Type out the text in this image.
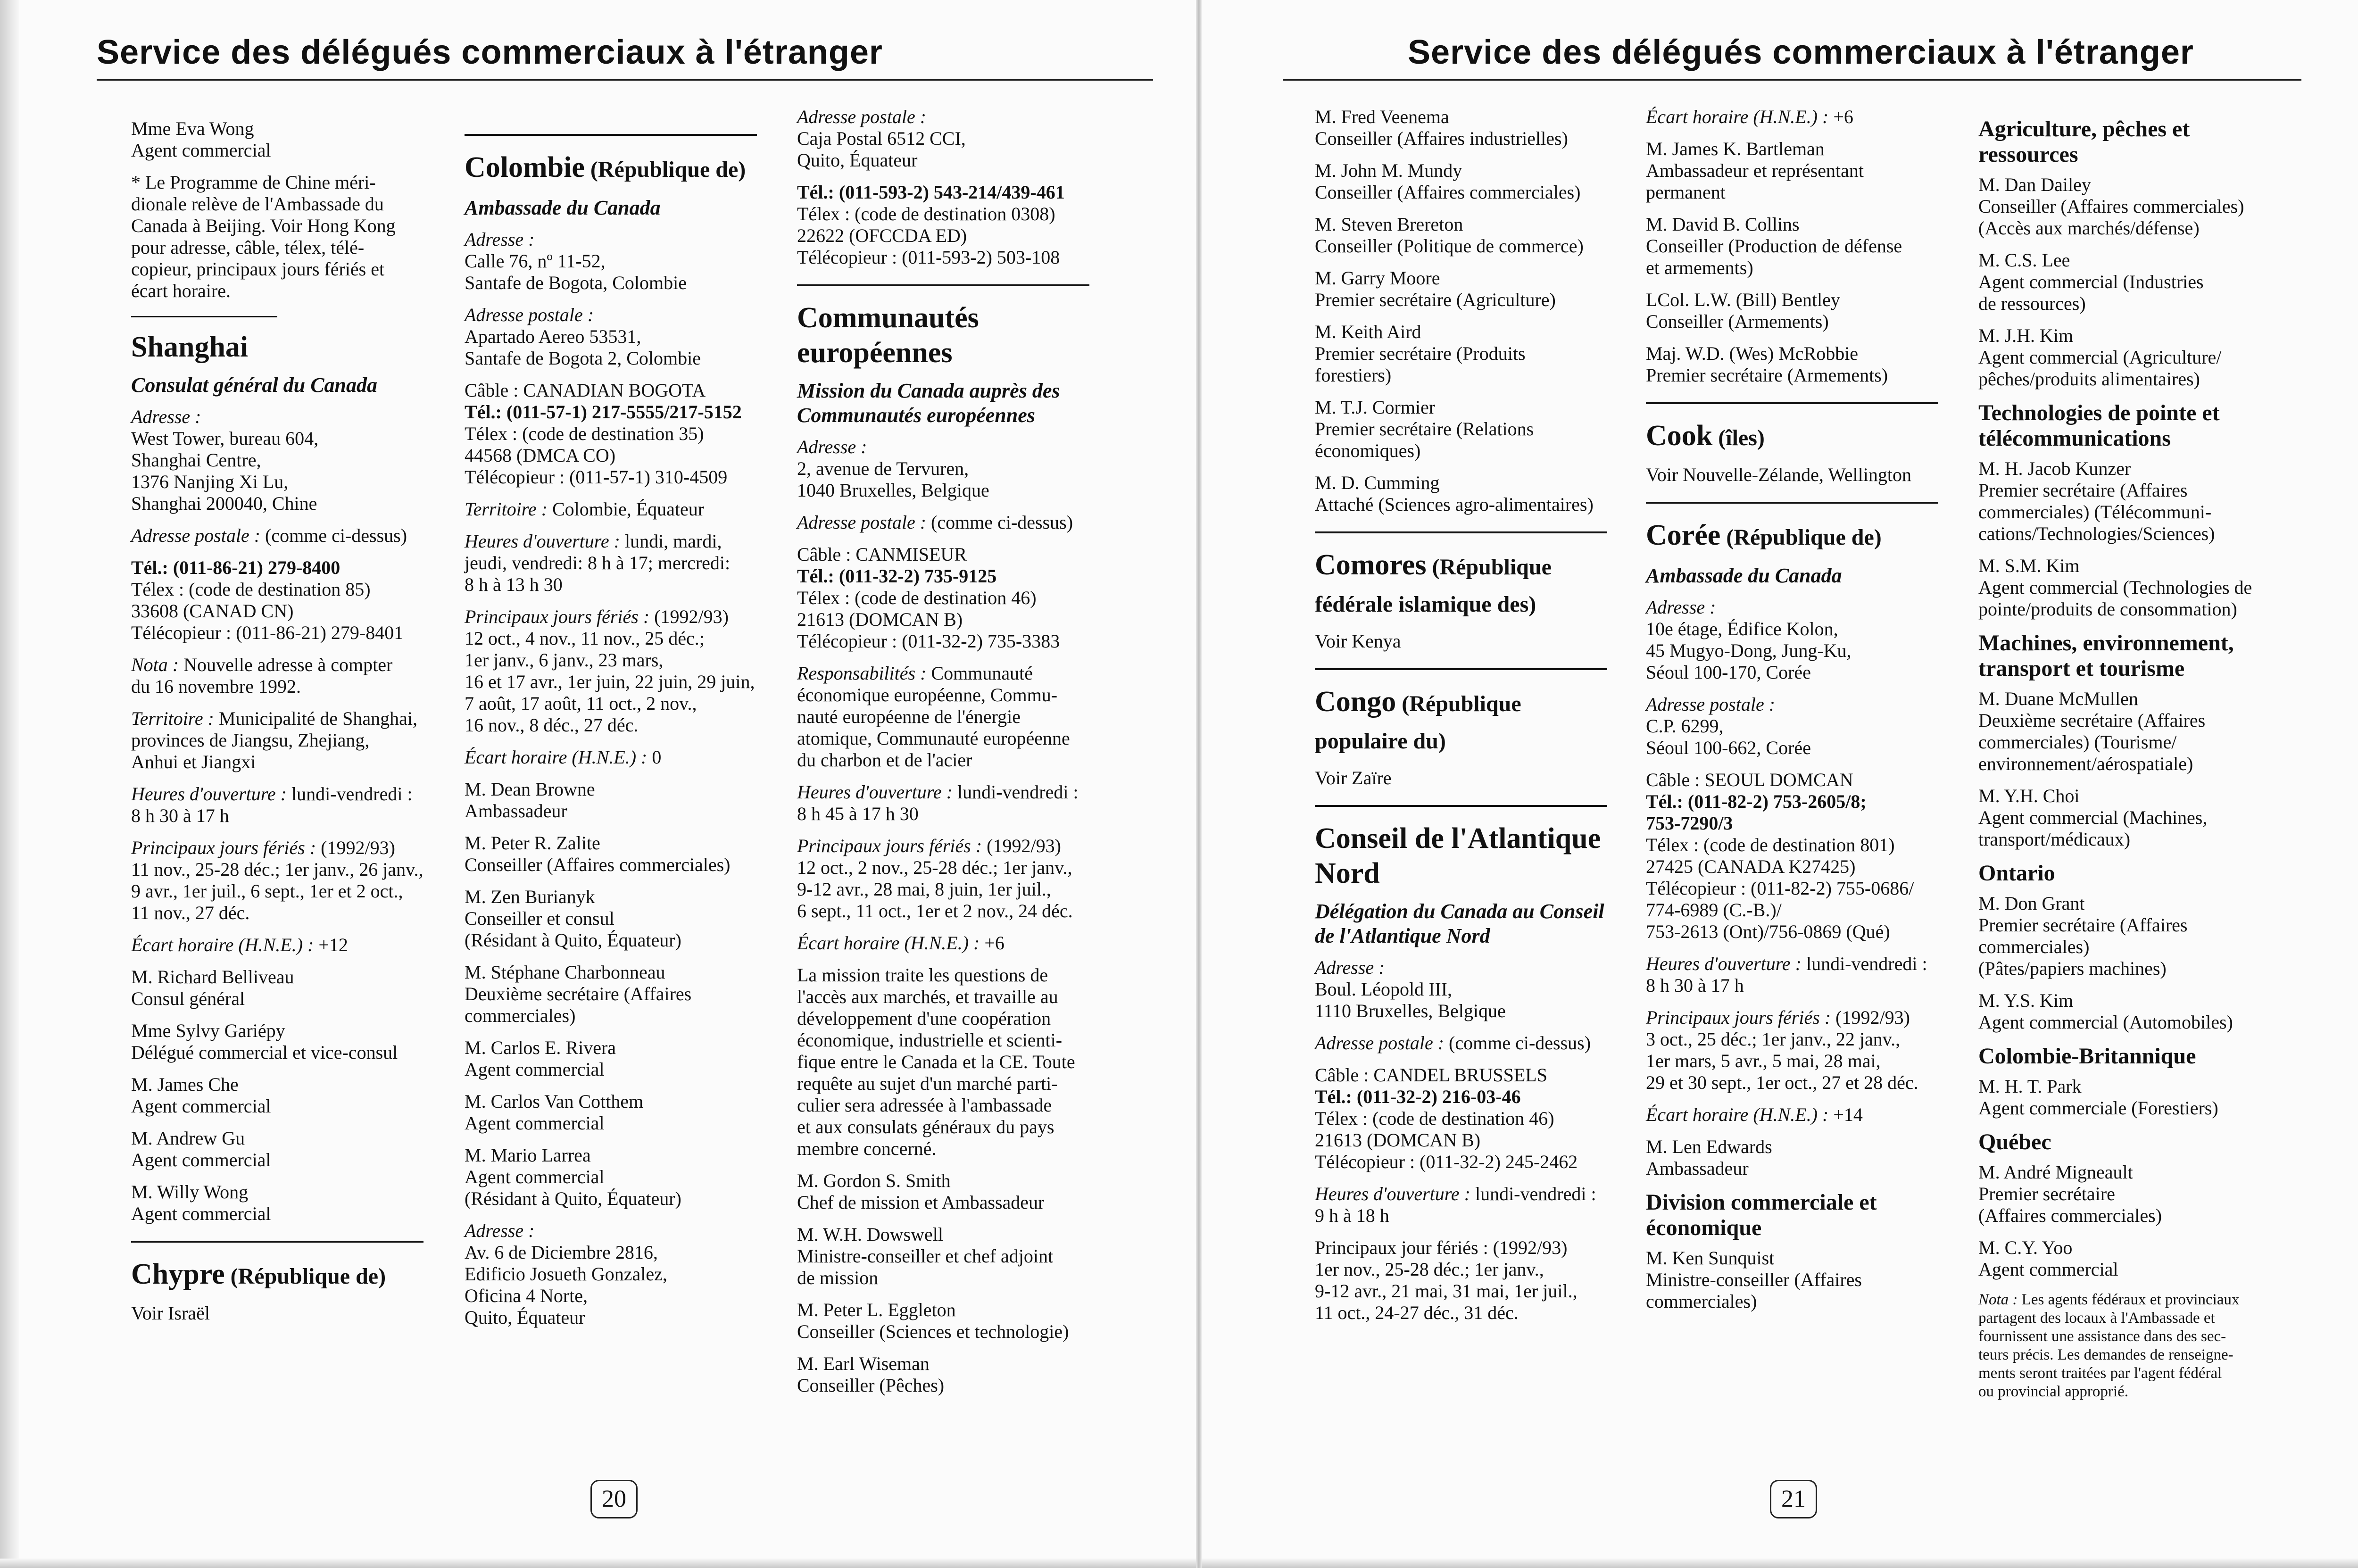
Service des délégués commerciaux à l'étranger	Service des délégués commerciaux à l'étranger
Mme Eva Wong
Agent commercial
* Le Programme de Chine méri-
dionale relève de l'Ambassade du
Canada à Beijing. Voir Hong Kong
pour adresse, câble, télex, télé-
copieur, principaux jours fériés et
écart horaire.
Shanghai
Consulat général du Canada
Adresse :
West Tower, bureau 604,
Shanghai Centre,
1376 Nanjing Xi Lu,
Shanghai 200040, Chine
Adresse postale : (comme ci-dessus)
Tél.: (011-86-21) 279-8400
Télex : (code de destination 85)
33608 (CANAD CN)
Télécopieur : (011-86-21) 279-8401
Nota : Nouvelle adresse à compter
du 16 novembre 1992.
Territoire : Municipalité de Shanghai,
provinces de Jiangsu, Zhejiang,
Anhui et Jiangxi
Heures d'ouverture : lundi-vendredi :
8 h 30 à 17 h
Principaux jours fériés : (1992/93)
11 nov., 25-28 déc.; 1er janv., 26 janv.,
9 avr., 1er juil., 6 sept., 1er et 2 oct.,
11 nov., 27 déc.
Écart horaire (H.N.E.) : +12
M. Richard Belliveau
Consul général
Mme Sylvy Gariépy
Délégué commercial et vice-consul
M. James Che
Agent commercial
M. Andrew Gu
Agent commercial
M. Willy Wong
Agent commercial
Chypre (République de)
Voir Israël
Colombie (République de)
Ambassade du Canada
Adresse :
Calle 76, nº 11-52,
Santafe de Bogota, Colombie
Adresse postale :
Apartado Aereo 53531,
Santafe de Bogota 2, Colombie
Câble : CANADIAN BOGOTA
Tél.: (011-57-1) 217-5555/217-5152
Télex : (code de destination 35)
44568 (DMCA CO)
Télécopieur : (011-57-1) 310-4509
Territoire : Colombie, Équateur
Heures d'ouverture : lundi, mardi,
jeudi, vendredi: 8 h à 17; mercredi:
8 h à 13 h 30
Principaux jours fériés : (1992/93)
12 oct., 4 nov., 11 nov., 25 déc.;
1er janv., 6 janv., 23 mars,
16 et 17 avr., 1er juin, 22 juin, 29 juin,
7 août, 17 août, 11 oct., 2 nov.,
16 nov., 8 déc., 27 déc.
Écart horaire (H.N.E.) : 0
M. Dean Browne
Ambassadeur
M. Peter R. Zalite
Conseiller (Affaires commerciales)
M. Zen Burianyk
Conseiller et consul
(Résidant à Quito, Équateur)
M. Stéphane Charbonneau
Deuxième secrétaire (Affaires
commerciales)
M. Carlos E. Rivera
Agent commercial
M. Carlos Van Cotthem
Agent commercial
M. Mario Larrea
Agent commercial
(Résidant à Quito, Équateur)
Adresse :
Av. 6 de Diciembre 2816,
Edificio Josueth Gonzalez,
Oficina 4 Norte,
Quito, Équateur
Adresse postale :
Caja Postal 6512 CCI,
Quito, Équateur
Tél.: (011-593-2) 543-214/439-461
Télex : (code de destination 0308)
22622 (OFCCDA ED)
Télécopieur : (011-593-2) 503-108
Communautés européennes
Mission du Canada auprès des Communautés européennes
Adresse :
2, avenue de Tervuren,
1040 Bruxelles, Belgique
Adresse postale : (comme ci-dessus)
Câble : CANMISEUR
Tél.: (011-32-2) 735-9125
Télex : (code de destination 46)
21613 (DOMCAN B)
Télécopieur : (011-32-2) 735-3383
Responsabilités : Communauté
économique européenne, Commu-
nauté européenne de l'énergie
atomique, Communauté européenne
du charbon et de l'acier
Heures d'ouverture : lundi-vendredi :
8 h 45 à 17 h 30
Principaux jours fériés : (1992/93)
12 oct., 2 nov., 25-28 déc.; 1er janv.,
9-12 avr., 28 mai, 8 juin, 1er juil.,
6 sept., 11 oct., 1er et 2 nov., 24 déc.
Écart horaire (H.N.E.) : +6
La mission traite les questions de
l'accès aux marchés, et travaille au
développement d'une coopération
économique, industrielle et scienti-
fique entre le Canada et la CE. Toute
requête au sujet d'un marché parti-
culier sera adressée à l'ambassade
et aux consulats généraux du pays
membre concerné.
M. Gordon S. Smith
Chef de mission et Ambassadeur
M. W.H. Dowswell
Ministre-conseiller et chef adjoint
de mission
M. Peter L. Eggleton
Conseiller (Sciences et technologie)
M. Earl Wiseman
Conseiller (Pêches)
M. Fred Veenema
Conseiller (Affaires industrielles)
M. John M. Mundy
Conseiller (Affaires commerciales)
M. Steven Brereton
Conseiller (Politique de commerce)
M. Garry Moore
Premier secrétaire (Agriculture)
M. Keith Aird
Premier secrétaire (Produits
forestiers)
M. T.J. Cormier
Premier secrétaire (Relations
économiques)
M. D. Cumming
Attaché (Sciences agro-alimentaires)
Comores (République fédérale islamique des)
Voir Kenya
Congo (République populaire du)
Voir Zaïre
Conseil de l'Atlantique Nord
Délégation du Canada au Conseil de l'Atlantique Nord
Adresse :
Boul. Léopold III,
1110 Bruxelles, Belgique
Adresse postale : (comme ci-dessus)
Câble : CANDEL BRUSSELS
Tél.: (011-32-2) 216-03-46
Télex : (code de destination 46)
21613 (DOMCAN B)
Télécopieur : (011-32-2) 245-2462
Heures d'ouverture : lundi-vendredi :
9 h à 18 h
Principaux jour fériés : (1992/93)
1er nov., 25-28 déc.; 1er janv.,
9-12 avr., 21 mai, 31 mai, 1er juil.,
11 oct., 24-27 déc., 31 déc.
Écart horaire (H.N.E.) : +6
M. James K. Bartleman
Ambassadeur et représentant
permanent
M. David B. Collins
Conseiller (Production de défense
et armements)
LCol. L.W. (Bill) Bentley
Conseiller (Armements)
Maj. W.D. (Wes) McRobbie
Premier secrétaire (Armements)
Cook (îles)
Voir Nouvelle-Zélande, Wellington
Corée (République de)
Ambassade du Canada
Adresse :
10e étage, Édifice Kolon,
45 Mugyo-Dong, Jung-Ku,
Séoul 100-170, Corée
Adresse postale :
C.P. 6299,
Séoul 100-662, Corée
Câble : SEOUL DOMCAN
Tél.: (011-82-2) 753-2605/8;
753-7290/3
Télex : (code de destination 801)
27425 (CANADA K27425)
Télécopieur : (011-82-2) 755-0686/
774-6989 (C.-B.)/
753-2613 (Ont)/756-0869 (Qué)
Heures d'ouverture : lundi-vendredi :
8 h 30 à 17 h
Principaux jours fériés : (1992/93)
3 oct., 25 déc.; 1er janv., 22 janv.,
1er mars, 5 avr., 5 mai, 28 mai,
29 et 30 sept., 1er oct., 27 et 28 déc.
Écart horaire (H.N.E.) : +14
M. Len Edwards
Ambassadeur
Division commerciale et économique
M. Ken Sunquist
Ministre-conseiller (Affaires
commerciales)
Agriculture, pêches et ressources
M. Dan Dailey
Conseiller (Affaires commerciales)
(Accès aux marchés/défense)
M. C.S. Lee
Agent commercial (Industries
de ressources)
M. J.H. Kim
Agent commercial (Agriculture/
pêches/produits alimentaires)
Technologies de pointe et télécommunications
M. H. Jacob Kunzer
Premier secrétaire (Affaires
commerciales) (Télécommuni-
cations/Technologies/Sciences)
M. S.M. Kim
Agent commercial (Technologies de
pointe/produits de consommation)
Machines, environnement, transport et tourisme
M. Duane McMullen
Deuxième secrétaire (Affaires
commerciales) (Tourisme/
environnement/aérospatiale)
M. Y.H. Choi
Agent commercial (Machines,
transport/médicaux)
Ontario
M. Don Grant
Premier secrétaire (Affaires
commerciales)
(Pâtes/papiers machines)
M. Y.S. Kim
Agent commercial (Automobiles)
Colombie-Britannique
M. H. T. Park
Agent commerciale (Forestiers)
Québec
M. André Migneault
Premier secrétaire
(Affaires commerciales)
M. C.Y. Yoo
Agent commercial
Nota : Les agents fédéraux et provinciaux
partagent des locaux à l'Ambassade et
fournissent une assistance dans des sec-
teurs précis. Les demandes de renseigne-
ments seront traitées par l'agent fédéral
ou provincial approprié.
20	21
